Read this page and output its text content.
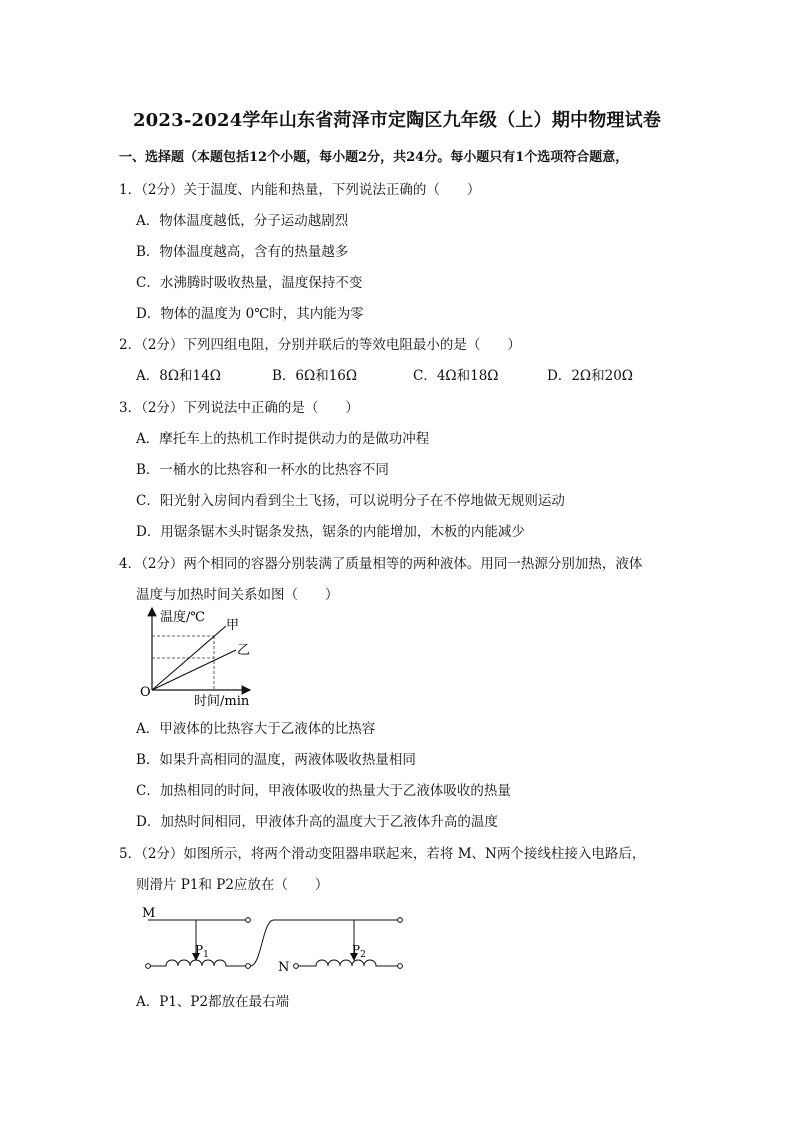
2023-2024学年山东省菏泽市定陶区九年级（上）期中物理试卷
一、选择题（本题包括12个小题，每小题2分，共24分。每小题只有1个选项符合题意，
1．（2分）关于温度、内能和热量，下列说法正确的（　　）
A．物体温度越低，分子运动越剧烈
B．物体温度越高，含有的热量越多
C．水沸腾时吸收热量，温度保持不变
D．物体的温度为 0℃时，其内能为零
2．（2分）下列四组电阻，分别并联后的等效电阻最小的是（　　）
A．8Ω和14Ω	B．6Ω和16Ω	C．4Ω和18Ω	D．2Ω和20Ω
3．（2分）下列说法中正确的是（　　）
A．摩托车上的热机工作时提供动力的是做功冲程
B．一桶水的比热容和一杯水的比热容不同
C．阳光射入房间内看到尘土飞扬，可以说明分子在不停地做无规则运动
D．用锯条锯木头时锯条发热，锯条的内能增加，木板的内能减少
4．（2分）两个相同的容器分别装满了质量相等的两种液体。用同一热源分别加热，液体
温度与加热时间关系如图（　　）
温度/℃
甲
乙
O
时间/min
A．甲液体的比热容大于乙液体的比热容
B．如果升高相同的温度，两液体吸收热量相同
C．加热相同的时间，甲液体吸收的热量大于乙液体吸收的热量
D．加热时间相同，甲液体升高的温度大于乙液体升高的温度
5．（2分）如图所示，将两个滑动变阻器串联起来，若将 M、N两个接线柱接入电路后，
则滑片 P1和 P2应放在（　　）
M
$P_1$	$P_2$
N
A．P1、P2都放在最右端
